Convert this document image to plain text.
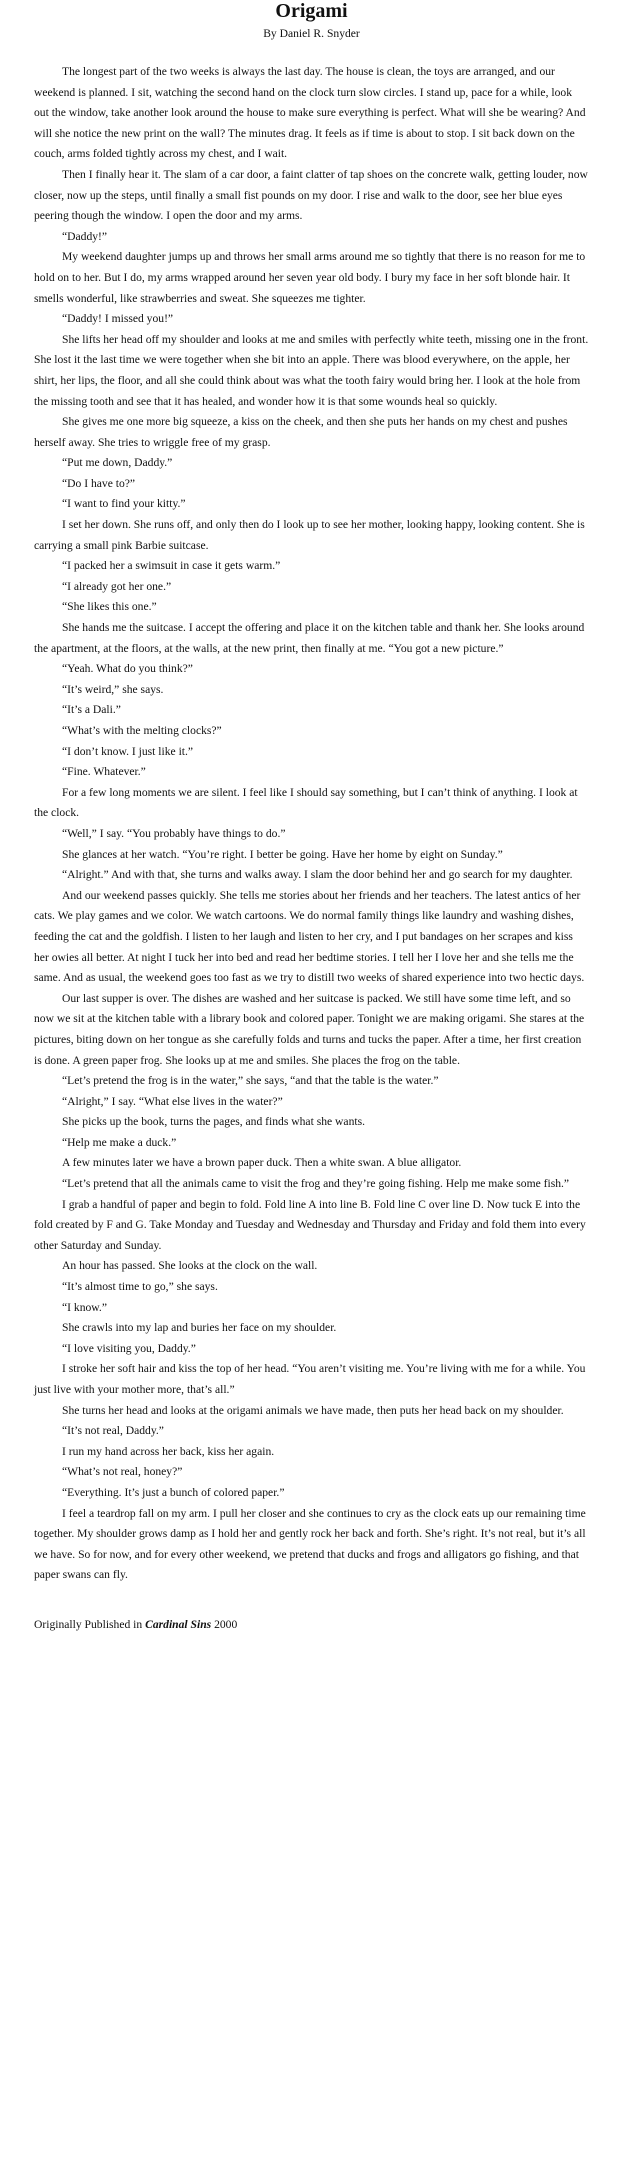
Origami
By Daniel R. Snyder

The longest part of the two weeks is always the last day. The house is clean, the toys are arranged, and our weekend is planned. I sit, watching the second hand on the clock turn slow circles. I stand up, pace for a while, look out the window, take another look around the house to make sure everything is perfect. What will she be wearing? And will she notice the new print on the wall? The minutes drag. It feels as if time is about to stop. I sit back down on the couch, arms folded tightly across my chest, and I wait.

Then I finally hear it. The slam of a car door, a faint clatter of tap shoes on the concrete walk, getting louder, now closer, now up the steps, until finally a small fist pounds on my door. I rise and walk to the door, see her blue eyes peering though the window. I open the door and my arms.

“Daddy!”

My weekend daughter jumps up and throws her small arms around me so tightly that there is no reason for me to hold on to her. But I do, my arms wrapped around her seven year old body. I bury my face in her soft blonde hair. It smells wonderful, like strawberries and sweat. She squeezes me tighter.

“Daddy! I missed you!”

She lifts her head off my shoulder and looks at me and smiles with perfectly white teeth, missing one in the front. She lost it the last time we were together when she bit into an apple. There was blood everywhere, on the apple, her shirt, her lips, the floor, and all she could think about was what the tooth fairy would bring her. I look at the hole from the missing tooth and see that it has healed, and wonder how it is that some wounds heal so quickly.

She gives me one more big squeeze, a kiss on the cheek, and then she puts her hands on my chest and pushes herself away. She tries to wriggle free of my grasp.

“Put me down, Daddy.”

“Do I have to?”

“I want to find your kitty.”

I set her down. She runs off, and only then do I look up to see her mother, looking happy, looking content. She is carrying a small pink Barbie suitcase.

“I packed her a swimsuit in case it gets warm.”

“I already got her one.”

“She likes this one.”

She hands me the suitcase. I accept the offering and place it on the kitchen table and thank her. She looks around the apartment, at the floors, at the walls, at the new print, then finally at me. “You got a new picture.”

“Yeah. What do you think?”

“It’s weird,” she says.

“It’s a Dali.”

“What’s with the melting clocks?”

“I don’t know. I just like it.”

“Fine. Whatever.”

For a few long moments we are silent. I feel like I should say something, but I can’t think of anything. I look at the clock.

“Well,” I say. “You probably have things to do.”

She glances at her watch. “You’re right. I better be going. Have her home by eight on Sunday.”

“Alright.” And with that, she turns and walks away. I slam the door behind her and go search for my daughter.

And our weekend passes quickly. She tells me stories about her friends and her teachers. The latest antics of her cats. We play games and we color. We watch cartoons. We do normal family things like laundry and washing dishes, feeding the cat and the goldfish. I listen to her laugh and listen to her cry, and I put bandages on her scrapes and kiss her owies all better. At night I tuck her into bed and read her bedtime stories. I tell her I love her and she tells me the same. And as usual, the weekend goes too fast as we try to distill two weeks of shared experience into two hectic days.

Our last supper is over. The dishes are washed and her suitcase is packed. We still have some time left, and so now we sit at the kitchen table with a library book and colored paper. Tonight we are making origami. She stares at the pictures, biting down on her tongue as she carefully folds and turns and tucks the paper. After a time, her first creation is done. A green paper frog. She looks up at me and smiles. She places the frog on the table.

“Let’s pretend the frog is in the water,” she says, “and that the table is the water.”

“Alright,” I say. “What else lives in the water?”

She picks up the book, turns the pages, and finds what she wants.

“Help me make a duck.”

A few minutes later we have a brown paper duck. Then a white swan. A blue alligator.

“Let’s pretend that all the animals came to visit the frog and they’re going fishing. Help me make some fish.”

I grab a handful of paper and begin to fold. Fold line A into line B. Fold line C over line D. Now tuck E into the fold created by F and G. Take Monday and Tuesday and Wednesday and Thursday and Friday and fold them into every other Saturday and Sunday.

An hour has passed. She looks at the clock on the wall.

“It’s almost time to go,” she says.

“I know.”

She crawls into my lap and buries her face on my shoulder.

“I love visiting you, Daddy.”

I stroke her soft hair and kiss the top of her head. “You aren’t visiting me. You’re living with me for a while. You just live with your mother more, that’s all.”

She turns her head and looks at the origami animals we have made, then puts her head back on my shoulder.

“It’s not real, Daddy.”

I run my hand across her back, kiss her again.

“What’s not real, honey?”

“Everything. It’s just a bunch of colored paper.”

I feel a teardrop fall on my arm. I pull her closer and she continues to cry as the clock eats up our remaining time together. My shoulder grows damp as I hold her and gently rock her back and forth. She’s right. It’s not real, but it’s all we have. So for now, and for every other weekend, we pretend that ducks and frogs and alligators go fishing, and that paper swans can fly.

Originally Published in Cardinal Sins 2000
